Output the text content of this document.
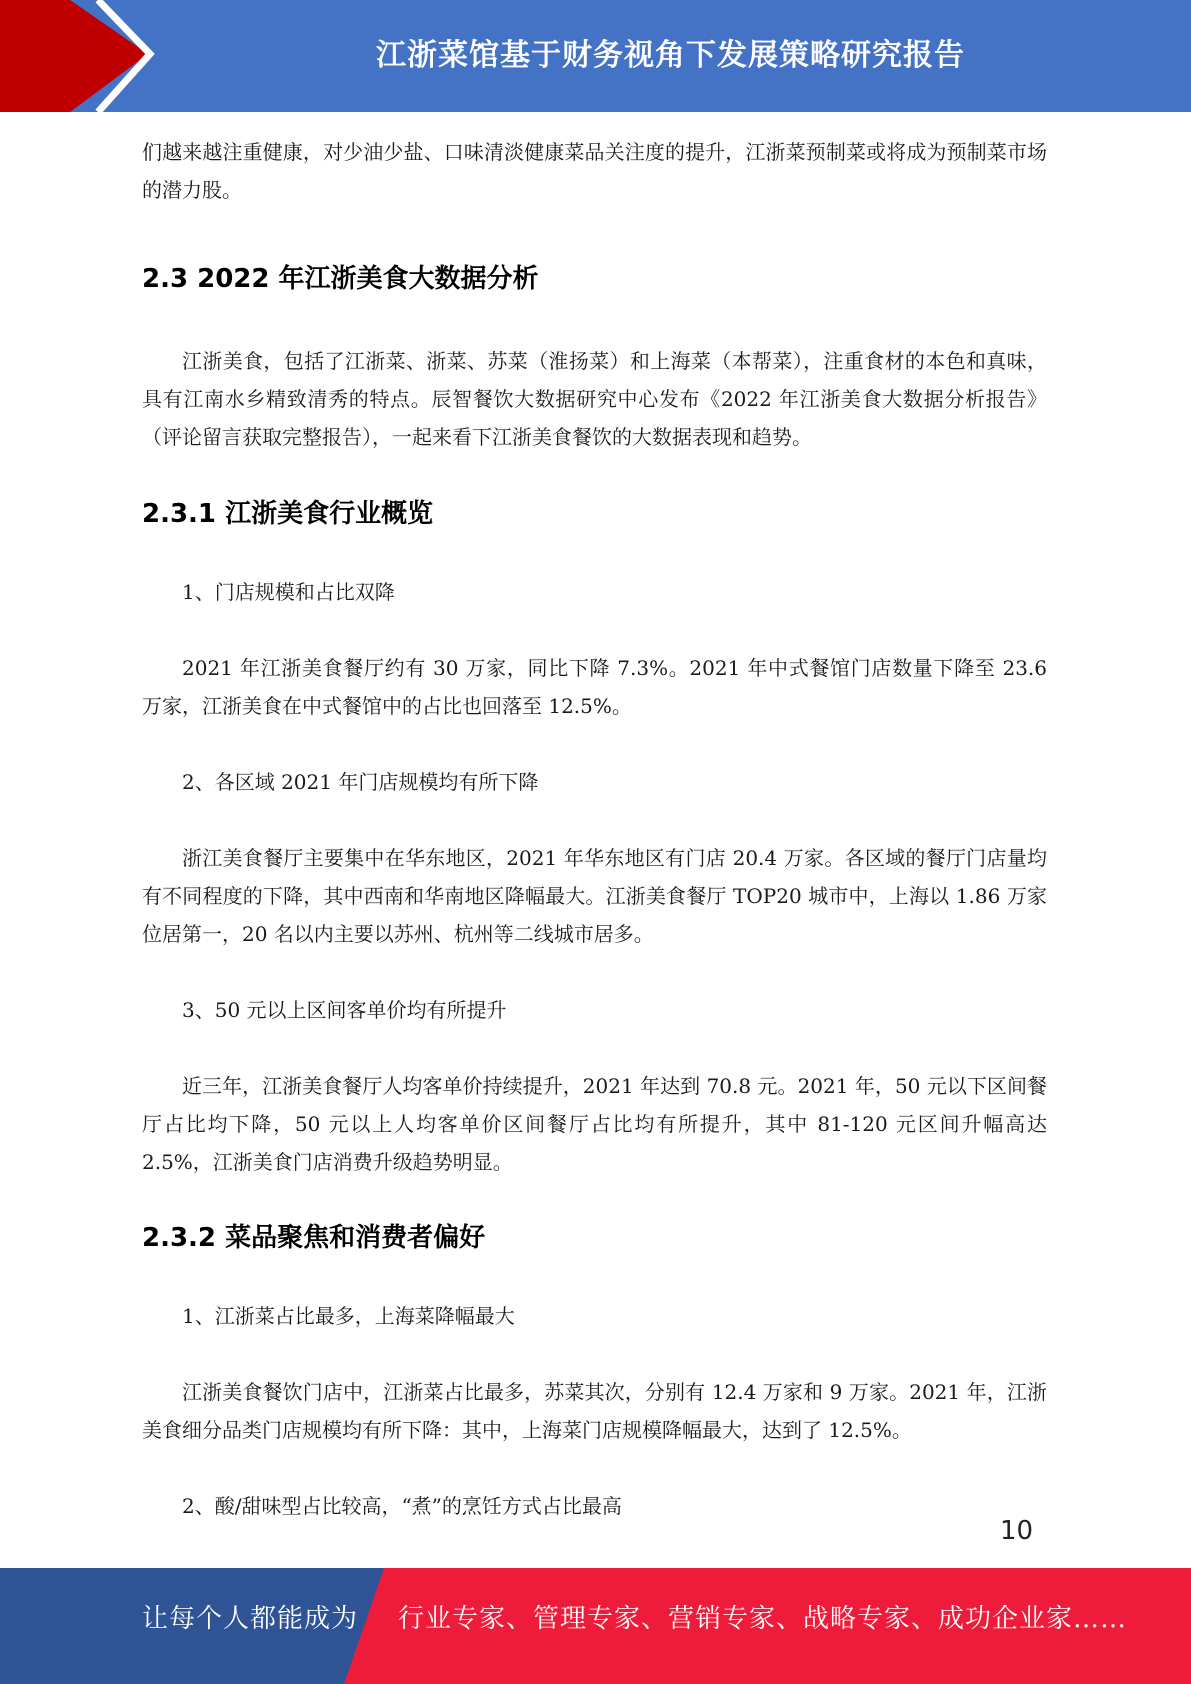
江浙菜馆基于财务视角下发展策略研究报告
们越来越注重健康，对少油少盐、口味清淡健康菜品关注度的提升，江浙菜预制菜或将成为预制菜市场的潜力股。
2.3 2022 年江浙美食大数据分析
江浙美食，包括了江浙菜、浙菜、苏菜（淮扬菜）和上海菜（本帮菜），注重食材的本色和真味，具有江南水乡精致清秀的特点。辰智餐饮大数据研究中心发布《2022 年江浙美食大数据分析报告》（评论留言获取完整报告），一起来看下江浙美食餐饮的大数据表现和趋势。
2.3.1 江浙美食行业概览
1、门店规模和占比双降
2021 年江浙美食餐厅约有 30 万家，同比下降 7.3%。2021 年中式餐馆门店数量下降至 23.6 万家，江浙美食在中式餐馆中的占比也回落至 12.5%。
2、各区域 2021 年门店规模均有所下降
浙江美食餐厅主要集中在华东地区，2021 年华东地区有门店 20.4 万家。各区域的餐厅门店量均有不同程度的下降，其中西南和华南地区降幅最大。江浙美食餐厅 TOP20 城市中，上海以 1.86 万家位居第一，20 名以内主要以苏州、杭州等二线城市居多。
3、50 元以上区间客单价均有所提升
近三年，江浙美食餐厅人均客单价持续提升，2021 年达到 70.8 元。2021 年，50 元以下区间餐厅占比均下降，50 元以上人均客单价区间餐厅占比均有所提升，其中 81-120 元区间升幅高达 2.5%，江浙美食门店消费升级趋势明显。
2.3.2 菜品聚焦和消费者偏好
1、江浙菜占比最多，上海菜降幅最大
江浙美食餐饮门店中，江浙菜占比最多，苏菜其次，分别有 12.4 万家和 9 万家。2021 年，江浙美食细分品类门店规模均有所下降：其中，上海菜门店规模降幅最大，达到了 12.5%。
2、酸/甜味型占比较高，“煮”的烹饪方式占比最高
10
让每个人都能成为 行业专家、管理专家、营销专家、战略专家、成功企业家……
